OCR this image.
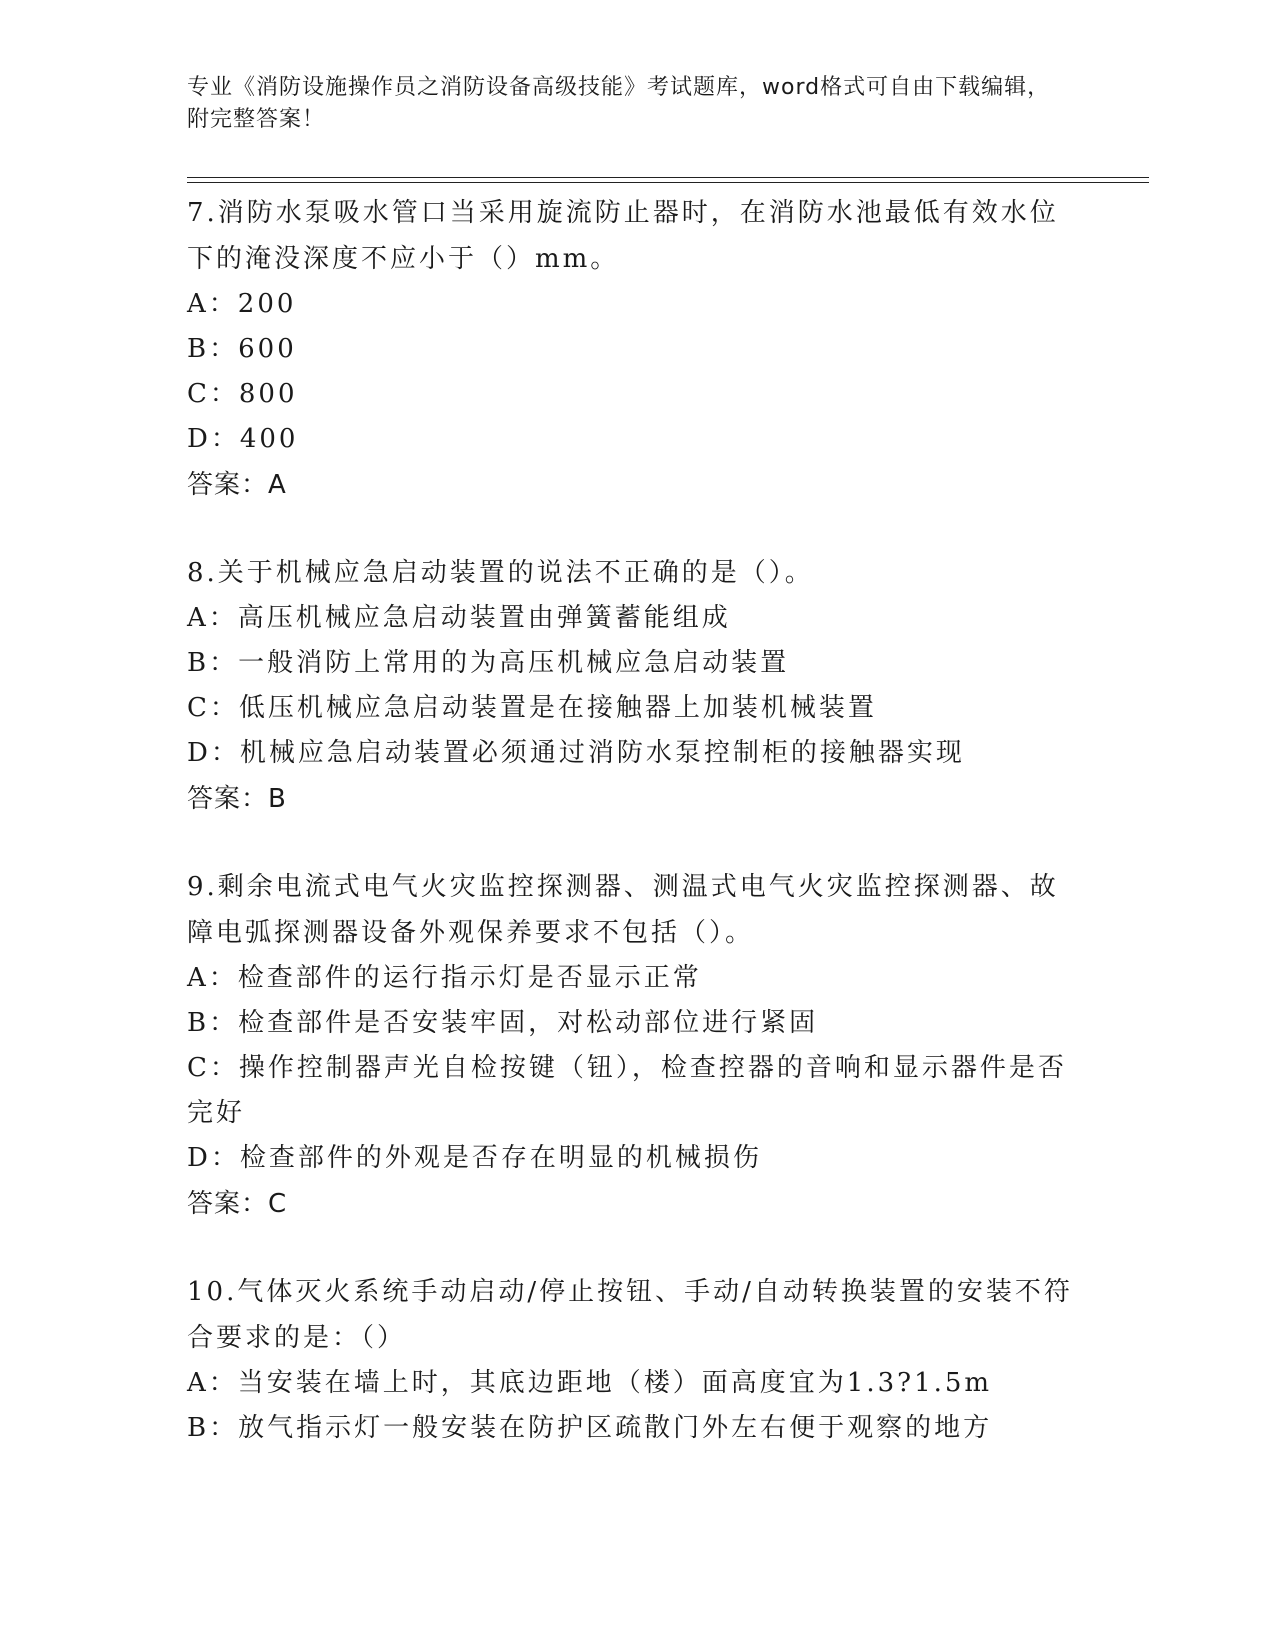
专业《消防设施操作员之消防设备高级技能》考试题库，word格式可自由下载编辑，附完整答案！
7.消防水泵吸水管口当采用旋流防止器时，在消防水池最低有效水位下的淹没深度不应小于（）mm。
A：200
B：600
C：800
D：400
答案：A
8.关于机械应急启动装置的说法不正确的是（）。
A：高压机械应急启动装置由弹簧蓄能组成
B：一般消防上常用的为高压机械应急启动装置
C：低压机械应急启动装置是在接触器上加装机械装置
D：机械应急启动装置必须通过消防水泵控制柜的接触器实现
答案：B
9.剩余电流式电气火灾监控探测器、测温式电气火灾监控探测器、故障电弧探测器设备外观保养要求不包括（）。
A：检查部件的运行指示灯是否显示正常
B：检查部件是否安装牢固，对松动部位进行紧固
C：操作控制器声光自检按键（钮），检查控器的音响和显示器件是否完好
D：检查部件的外观是否存在明显的机械损伤
答案：C
10.气体灭火系统手动启动/停止按钮、手动/自动转换装置的安装不符合要求的是：（）
A：当安装在墙上时，其底边距地（楼）面高度宜为1.3?1.5m
B：放气指示灯一般安装在防护区疏散门外左右便于观察的地方
